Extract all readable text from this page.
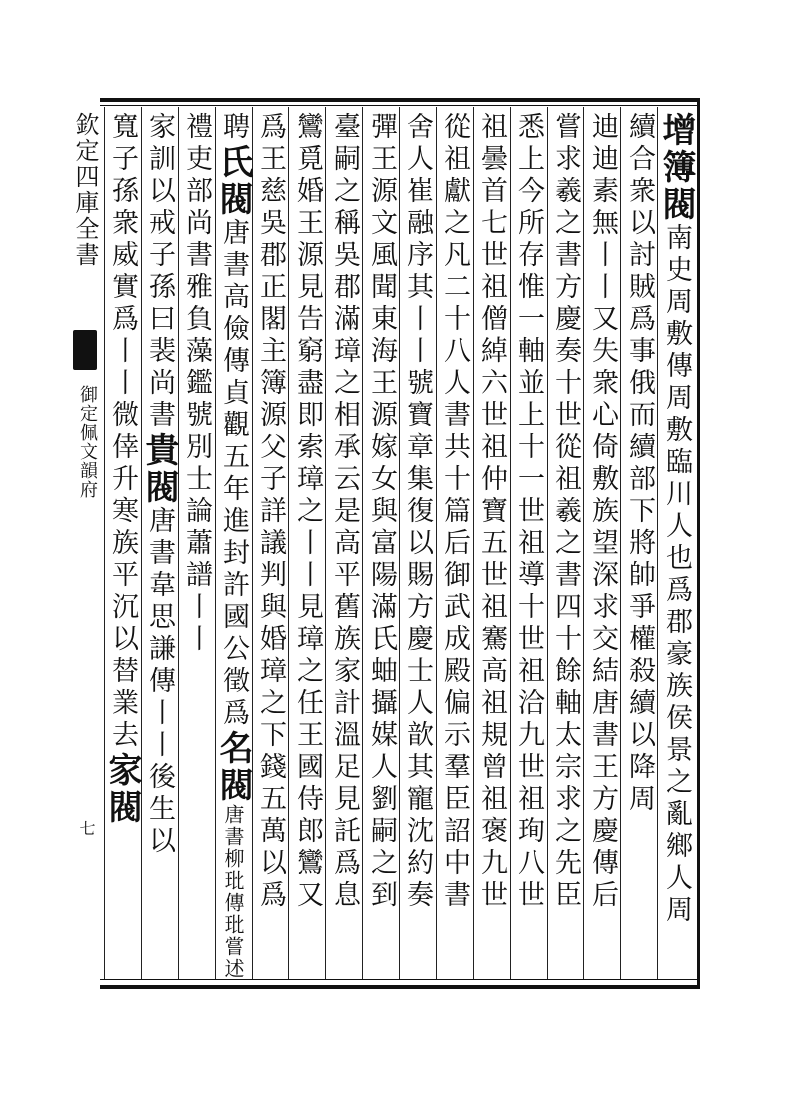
欽定四庫全書
御定佩文韻府
七
增簿閥南史周敷傳周敷臨川人也爲郡豪族侯景之亂鄉人周
續合衆以討賊爲事俄而續部下將帥爭權殺續以降周
迪迪素無丨丨又失衆心倚敷族望深求交結唐書王方慶傳后
嘗求羲之書方慶奏十世從祖羲之書四十餘軸太宗求之先臣
悉上今所存惟一軸並上十一世祖導十世祖洽九世祖珣八世
祖曇首七世祖僧綽六世祖仲寶五世祖騫高祖規曾祖褒九世
從祖獻之凡二十八人書共十篇后御武成殿偏示羣臣詔中書
舍人崔融序其丨丨號寶章集復以賜方慶士人歆其寵沈約奏
彈王源文風聞東海王源嫁女與富陽滿氏蚰攝媒人劉嗣之到
臺嗣之稱吳郡滿璋之相承云是高平舊族家計溫足見託爲息
鸞覓婚王源見告窮盡即索璋之丨丨見璋之任王國侍郎鸞又
爲王慈吳郡正閣主簿源父子詳議判與婚璋之下錢五萬以爲
聘氏閥唐書高儉傳貞觀五年進封許國公徵爲名閥唐書柳玭傳玭嘗述
禮吏部尚書雅負藻鑑號別士論蕭譜丨丨
家訓以戒子孫曰裴尚書貴閥唐書韋思謙傳丨丨後生以
寬子孫衆威實爲丨丨微倖升寒族平沉以替業去家閥
